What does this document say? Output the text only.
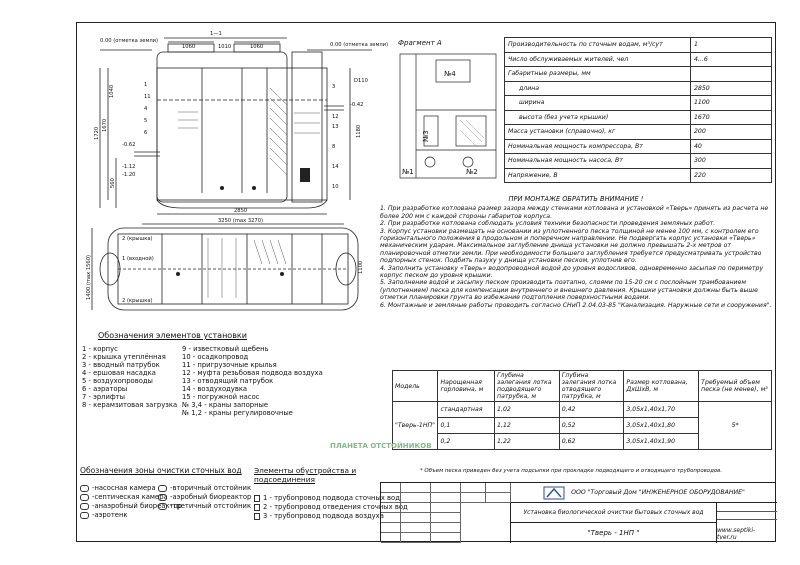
1—1
0.00 (отметка земли)
0.00 (отметка земли)
1060	1010	1060
1720
1670
1040
560
D110
-0.42
1180
-0.62
-1.12
-1.20
2850
3250 (max 3270)
1100
1400 (max 1560)
2 (крышка)
1 (входной)
2 (крышка)
1
11
4
5
6
3
12
13
8
14
10
Фрагмент А
№4
№3
№1	№2
Производительность по сточным водам, м³/сут	1
Число обслуживаемых жителей, чел	4...6
Габаритные размеры, мм	
длина	2850
ширина	1100
высота (без учета крышки)	1670
Масса установки (справочно), кг	200
Номинальная мощность компрессора, Вт	40
Номинальная мощность насоса, Вт	300
Напряжение, В	220

ПРИ МОНТАЖЕ ОБРАТИТЬ ВНИМАНИЕ !

1. При разработке котлована размер зазора между стенками котлована и установкой «Тверь» принять из расчета не более 200 мм с каждой стороны габаритов корпуса.

2. При разработке котлована соблюдать условия техники безопасности проведения земляных работ.

3. Корпус установки размещать на основании из уплотненного песка толщиной не менее 100 мм, с контролем его горизонтального положения в продольном и поперечном направлении. Не подвергать корпус установки «Тверь» механическим ударам. Максимальное заглубление днища установки не должно превышать 2-х метров от планировочной отметки земли. При необходимости большего заглубления требуется предусматривать устройство подпорных стенок. Подбить пазуху у днища установки песком, уплотнив его.

4. Заполнить установку «Тверь» водопроводной водой до уровня водосливов, одновременно засыпая по периметру корпус песком до уровня крышки.

5. Заполнение водой и засыпку песком производить поэтапно, слоями по 15-20 см с послойным трамбованием (уплотнением) песка для компенсации внутреннего и внешнего давления. Крышки установки должны быть выше отметки планировки грунта во избежание подтопления поверхностными водами.

6. Монтажные и земляные работы проводить согласно СНиП 2.04.03-85 "Канализация. Наружные сети и сооружения".

Модель	Нарощенная горловина, м	Глубина залегания лотка подводящего патрубка, м	Глубина залегания лотка отводящего патрубка, м	Размер котлована, ДхШхВ, м	Требуемый объем песка (не менее), м³
"Тверь-1НП"	стандартная	1,02	0,42	3,05х1,40х1,70	5*
	0,1	1,12	0,52	3,05х1,40х1,80	
	0,2	1,22	0,62	3,05х1,40х1,90	
* Объем песка приведен без учета подсыпки при прокладке подводящего и отводящего трубопроводов.
Обозначения элементов установки
1 - корпус
2 - крышка утеплённая
3 - вводный патрубок
4 - ершовая насадка
5 - воздухопроводы
6 - аэраторы
7 - эрлифты
8 - керамзитовая загрузка
9 - известковый щебень
10 - осадкопровод
11 - пригрузочные крылья
12 - муфта резьбовая подвода воздуха
13 - отводящий патрубок
14 - воздуходувка
15 - погружной насос
№ 3,4 - краны запорные
№ 1,2 - краны регулировочные
ПЛАНЕТА ОТСТОЙНИКОВ
Обозначения зоны очистки сточных вод
-насосная камера
-септическая камера
-анаэробный биореактор
-аэротенк
-вторичный отстойник
-аэробный биореактор
-третичный отстойник
Элементы обустройства и подсоединения
1 - трубопровод подвода сточных вод
2 - трубопровод отведения сточных вод
3 - трубопровод подвода воздуха
ООО "Торговый Дом "ИНЖЕНЕРНОЕ ОБОРУДОВАНИЕ"
Установка биологической очистки бытовых сточных вод
"Тверь - 1НП "	www.septiki-tver.ru
